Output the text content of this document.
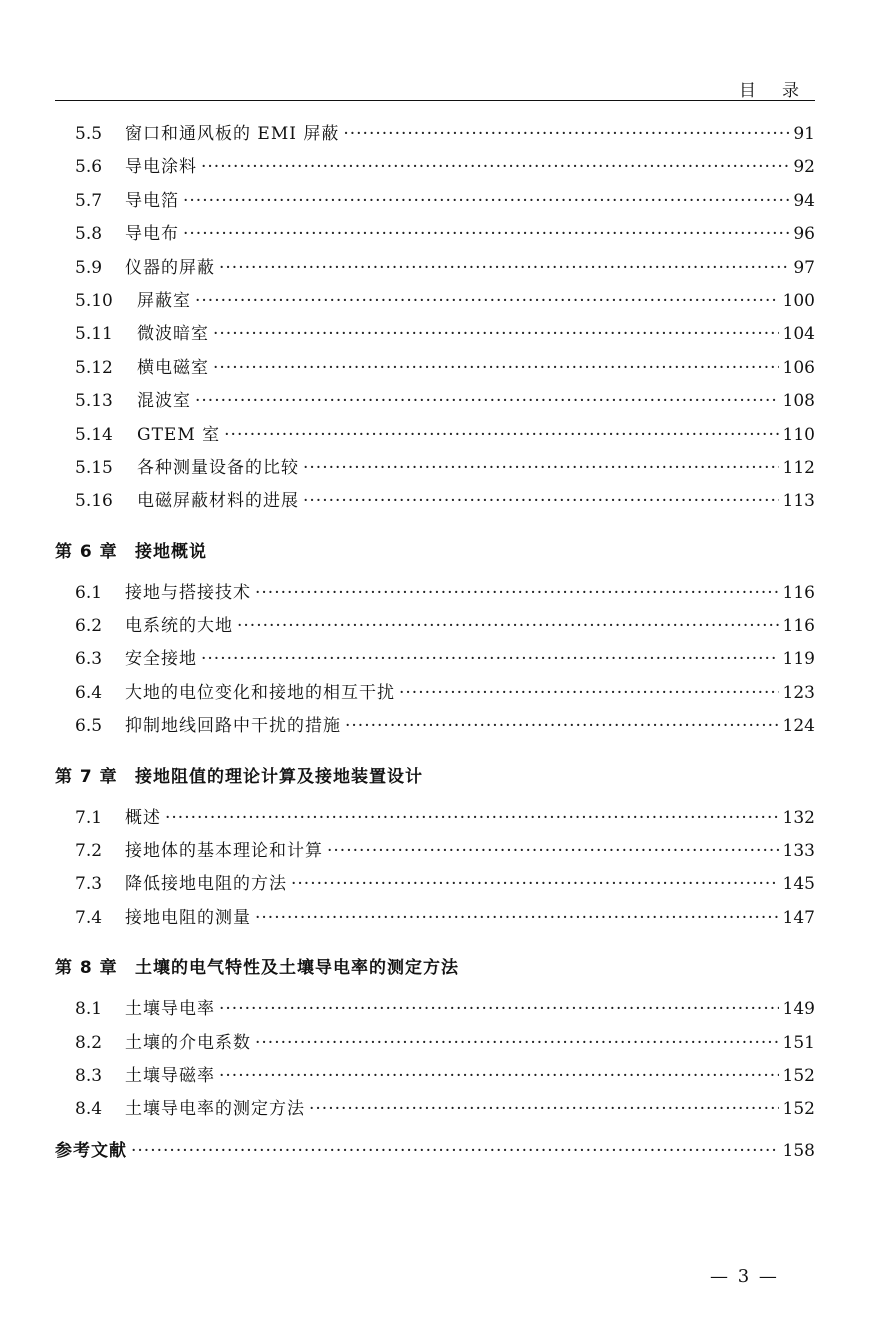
目录
5.5	窗口和通风板的 EMI 屏蔽 ·····	91
5.6	导电涂料 ·····	92
5.7	导电箔 ·····	94
5.8	导电布 ·····	96
5.9	仪器的屏蔽 ·····	97
5.10	屏蔽室 ·····	100
5.11	微波暗室 ·····	104
5.12	横电磁室 ·····	106
5.13	混波室 ·····	108
5.14	GTEM 室 ·····	110
5.15	各种测量设备的比较 ·····	112
5.16	电磁屏蔽材料的进展 ·····	113
第 6 章	接地概说
6.1	接地与搭接技术 ·····	116
6.2	电系统的大地 ·····	116
6.3	安全接地 ·····	119
6.4	大地的电位变化和接地的相互干扰 ·····	123
6.5	抑制地线回路中干扰的措施 ·····	124
第 7 章	接地阻值的理论计算及接地装置设计
7.1	概述 ·····	132
7.2	接地体的基本理论和计算 ·····	133
7.3	降低接地电阻的方法 ·····	145
7.4	接地电阻的测量 ·····	147
第 8 章	土壤的电气特性及土壤导电率的测定方法
8.1	土壤导电率 ·····	149
8.2	土壤的介电系数 ·····	151
8.3	土壤导磁率 ·····	152
8.4	土壤导电率的测定方法 ·····	152
参考文献 ·····	158
— 3 —
